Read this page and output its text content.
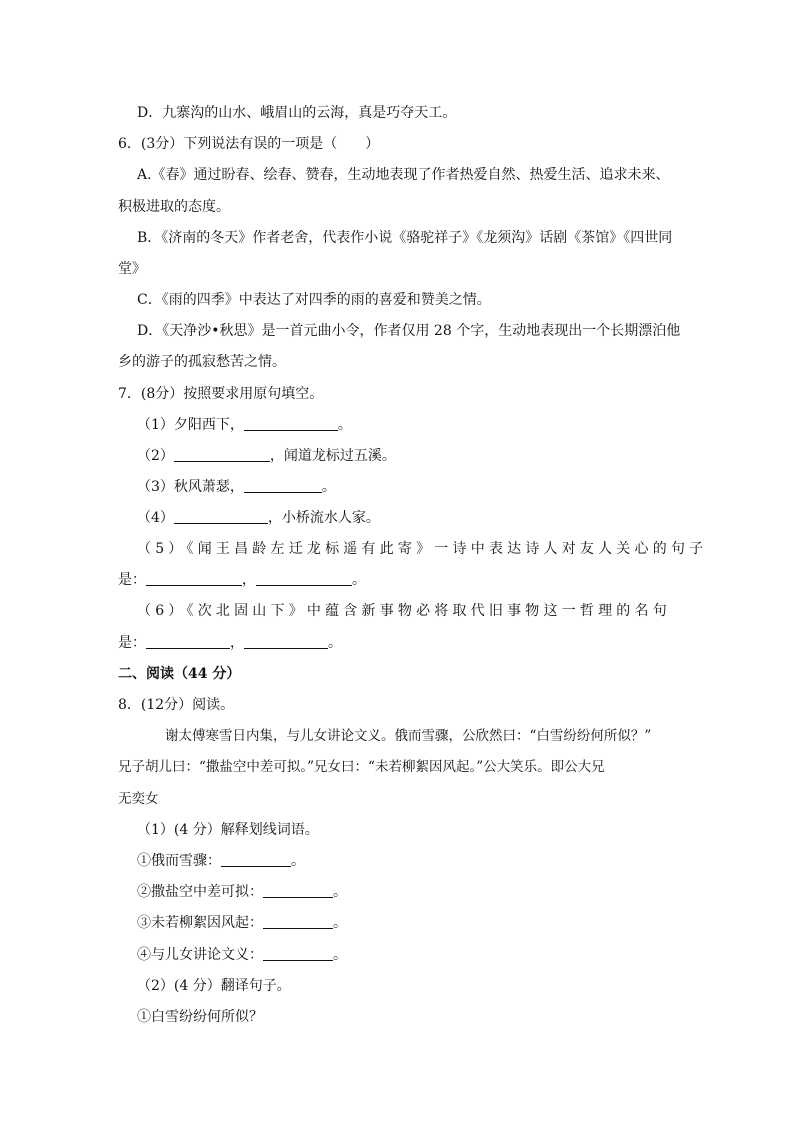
D．九寨沟的山水、峨眉山的云海，真是巧夺天工。
6．(3分）下列说法有误的一项是（　　）
A.《春》通过盼春、绘春、赞春，生动地表现了作者热爱自然、热爱生活、追求未来、
积极进取的态度。
B．《济南的冬天》作者老舍，代表作小说《骆驼祥子》《龙须沟》话剧《茶馆》《四世同
堂》
C．《雨的四季》中表达了对四季的雨的喜爱和赞美之情。
D．《天净沙•秋思》是一首元曲小令，作者仅用 28 个字，生动地表现出一个长期漂泊他
乡的游子的孤寂愁苦之情。
7．(8分）按照要求用原句填空。
（1）夕阳西下，	。
（2）	，闻道龙标过五溪。
（3）秋风萧瑟，	。
（4）	，小桥流水人家。
（5）《闻王昌龄左迁龙标遥有此寄》一诗中表达诗人对友人关心的句子
是：	，	。
（6）《次北固山下》中蕴含新事物必将取代旧事物这一哲理的名句
是：	，	。
二、阅读（44 分）
8．(12分）阅读。
谢太傅寒雪日内集，与儿女讲论文义。俄而雪骤，公欣然曰：“白雪纷纷何所似？”
兄子胡儿曰：“撒盐空中差可拟。”兄女曰：“未若柳絮因风起。”公大笑乐。即公大兄
无奕女
（1）(4 分）解释划线词语。
①俄而雪骤：	。
②撒盐空中差可拟：	。
③未若柳絮因风起：	。
④与儿女讲论文义：	。
（2）(4 分）翻译句子。
①白雪纷纷何所似？
